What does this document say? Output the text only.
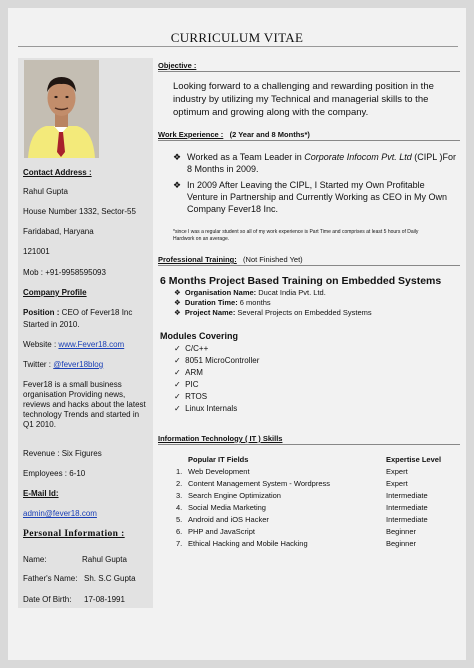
CURRICULUM VITAE
Contact Address :
Rahul Gupta
House Number 1332, Sector-55
Faridabad, Haryana
121001
Mob : +91-9958595093
Company Profile
Position : CEO of Fever18 Inc
Started in 2010.
Website : www.Fever18.com
Twitter : @fever18blog
Fever18 is a small business
organisation Providing news,
reviews and hacks about the latest
technology Trends and started in
Q1 2010.
Revenue : Six Figures
Employees : 6-10
E-Mail Id:
admin@fever18.com
Personal Information :
Name:	Rahul Gupta
Father's Name: Sh. S.C Gupta
Date Of Birth: 17-08-1991
Objective :
Looking forward to a challenging and rewarding position in the
industry by utilizing my Technical and managerial skills to the
optimum and growing along with the company.
Work Experience : (2 Year and 8 Months*)
❖ Worked as a Team Leader in Corporate Infocom Pvt. Ltd (CIPL )For
8 Months in 2009.
❖ In 2009 After Leaving the CIPL, I Started my Own Profitable
Venture in Partnership and Currently Working as CEO in My Own
Company Fever18 Inc.
*since I was a regular student so all of my work experience is Part Time and comprises at least 5 hours of Daily
Hardwork on an average.
Professional Training: (Not Finished Yet)
6 Months Project Based Training on Embedded Systems
❖ Organisation Name: Ducat India Pvt. Ltd.
❖ Duration Time: 6 months
❖ Project Name: Several Projects on Embedded Systems
Modules Covering
✓ C/C++
✓ 8051 MicroController
✓ ARM
✓ PIC
✓ RTOS
✓ Linux Internals
Information Technology ( IT ) Skills
Popular IT Fields	Expertise Level
1. Web Development	Expert
2. Content Management System - Wordpress	Expert
3. Search Engine Optimization	Intermediate
4. Social Media Marketing	Intermediate
5. Android and iOS Hacker	Intermediate
6. PHP and JavaScript	Beginner
7. Ethical Hacking and Mobile Hacking	Beginner
